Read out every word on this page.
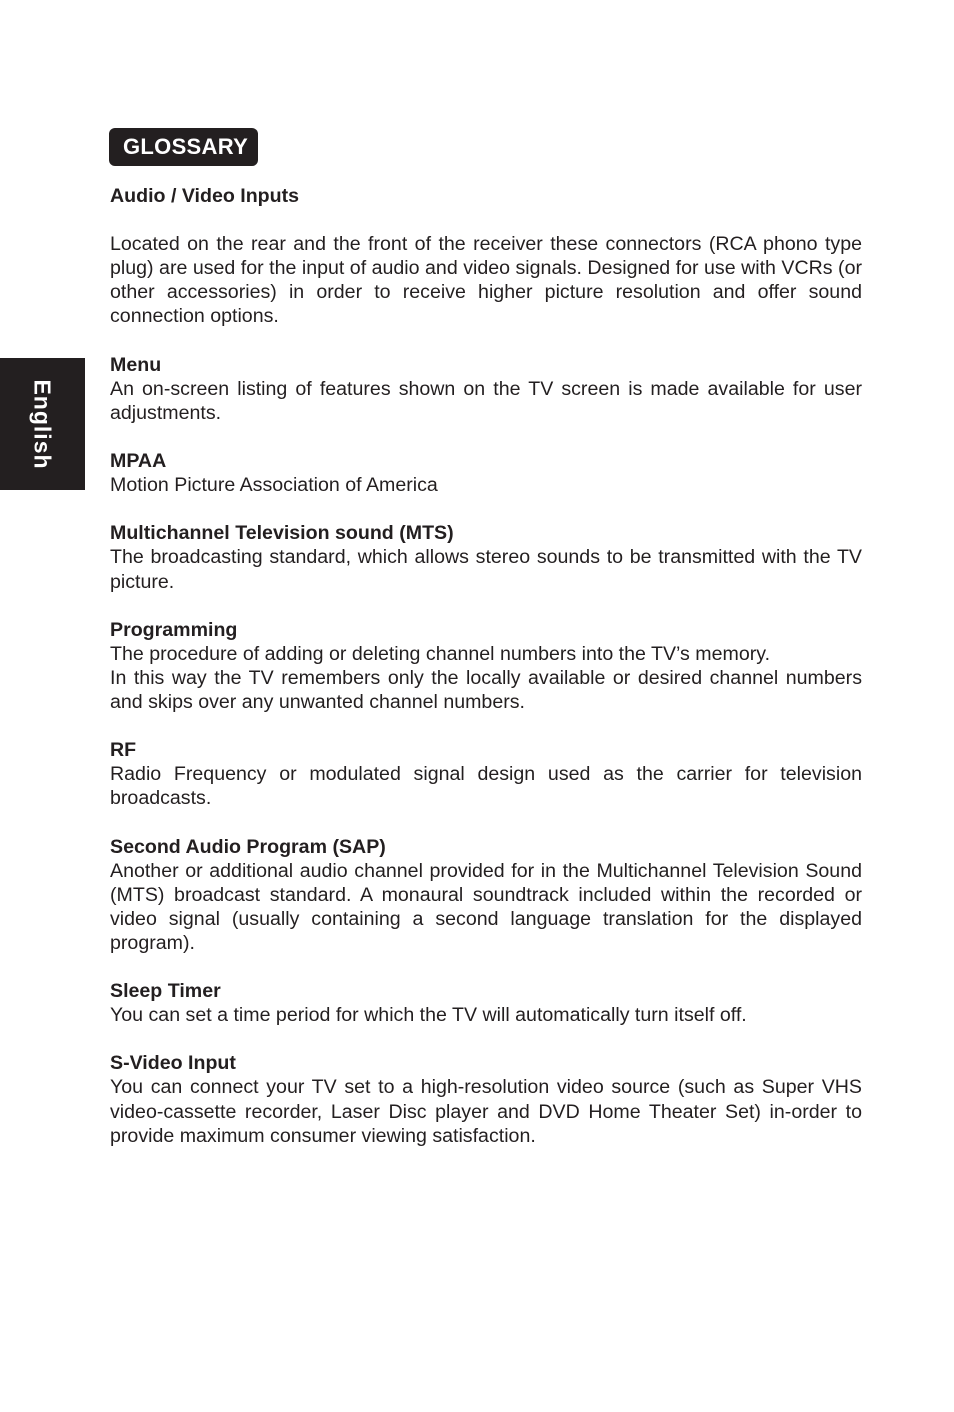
English
GLOSSARY

Audio / Video Inputs

Located on the rear and the front of the receiver these connectors (RCA phono type plug) are used for the input of audio and video signals. Designed for use with VCRs (or other accessories) in order to receive higher picture resolution and offer sound connection options.

Menu

An on-screen listing of features shown on the TV screen is made available for user adjustments.

MPAA

Motion Picture Association of America

Multichannel Television sound (MTS)

The broadcasting standard, which allows stereo sounds to be transmitted with the TV picture.

Programming

The procedure of adding or deleting channel numbers into the TV’s memory.

In this way the TV remembers only the locally available or desired channel numbers and skips over any unwanted channel numbers.

RF

Radio Frequency or modulated signal design used as the carrier for television broadcasts.

Second Audio Program (SAP)

Another or additional audio channel provided for in the Multichannel Television Sound (MTS) broadcast standard. A monaural soundtrack included within the recorded or video signal (usually containing a second language translation for the displayed program).

Sleep Timer

You can set a time period for which the TV will automatically turn itself off.

S-Video Input

You can connect your TV set to a high-resolution video source (such as Super VHS video-cassette recorder, Laser Disc player and DVD Home Theater Set) in-order to provide maximum consumer viewing satisfaction.
